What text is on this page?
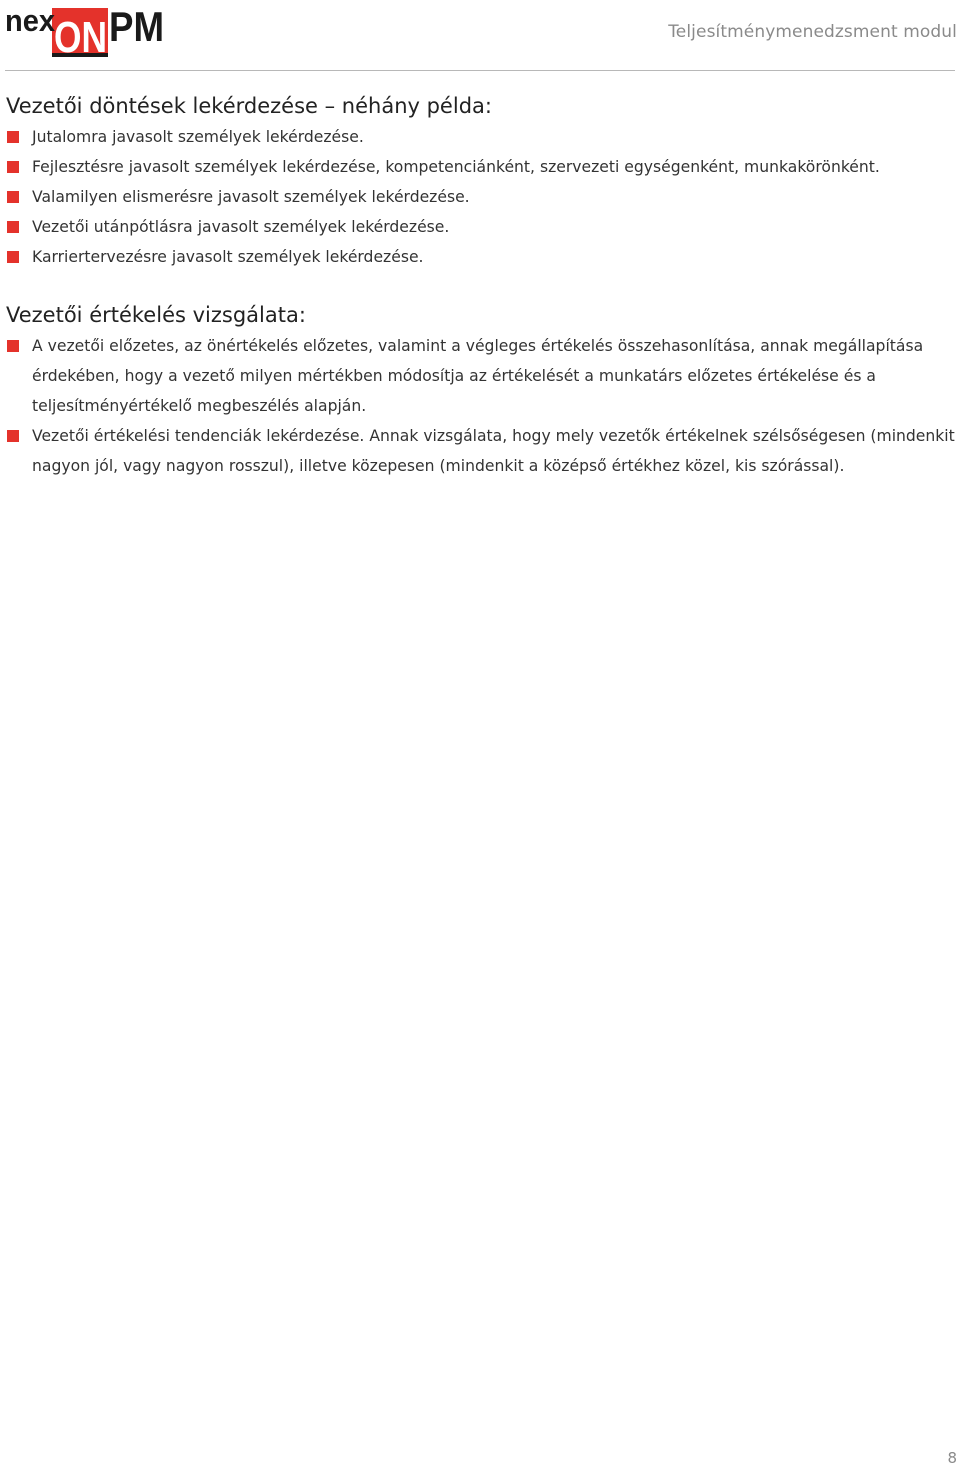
nex
ON PM	Teljesítménymenedzsment modul
Vezetői döntések lekérdezése – néhány példa:
Jutalomra javasolt személyek lekérdezése.
Fejlesztésre javasolt személyek lekérdezése, kompetenciánként, szervezeti egységenként, munkakörönként.
Valamilyen elismerésre javasolt személyek lekérdezése.
Vezetői utánpótlásra javasolt személyek lekérdezése.
Karriertervezésre javasolt személyek lekérdezése.
Vezetői értékelés vizsgálata:
A vezetői előzetes, az önértékelés előzetes, valamint a végleges értékelés összehasonlítása, annak megállapítása érdekében, hogy a vezető milyen mértékben módosítja az értékelését a munkatárs előzetes értékelése és a teljesítményértékelő megbeszélés alapján.
Vezetői értékelési tendenciák lekérdezése. Annak vizsgálata, hogy mely vezetők értékelnek szélsőségesen (mindenkit nagyon jól, vagy nagyon rosszul), illetve közepesen (mindenkit a középső értékhez közel, kis szórással).
8
